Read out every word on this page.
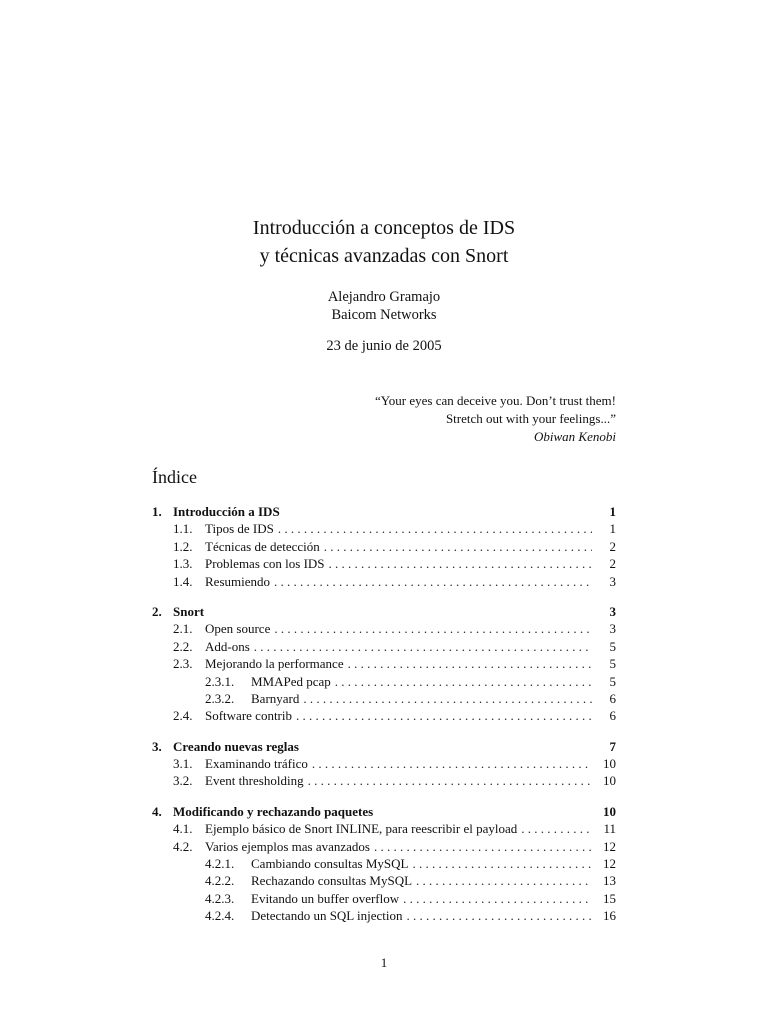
Introducción a conceptos de IDS
y técnicas avanzadas con Snort
Alejandro Gramajo
Baicom Networks
23 de junio de 2005
“Your eyes can deceive you. Don’t trust them!
Stretch out with your feelings...”
Obiwan Kenobi
Índice
1. Introducción a IDS	1
1.1. Tipos de IDS . . .	1
1.2. Técnicas de detección . . .	2
1.3. Problemas con los IDS . . .	2
1.4. Resumiendo . . .	3
2. Snort	3
2.1. Open source . . .	3
2.2. Add-ons . . .	5
2.3. Mejorando la performance . . .	5
2.3.1.	MMAPed pcap . . .	5
2.3.2.	Barnyard . . .	6
2.4. Software contrib . . .	6
3. Creando nuevas reglas	7
3.1. Examinando tráfico . . .	10
3.2. Event thresholding . . .	10
4. Modificando y rechazando paquetes	10
4.1. Ejemplo básico de Snort INLINE, para reescribir el payload . . .	11
4.2. Varios ejemplos mas avanzados . . .	12
4.2.1.	Cambiando consultas MySQL . . .	12
4.2.2.	Rechazando consultas MySQL . . .	13
4.2.3.	Evitando un buffer overflow . . .	15
4.2.4.	Detectando un SQL injection . . .	16
1
